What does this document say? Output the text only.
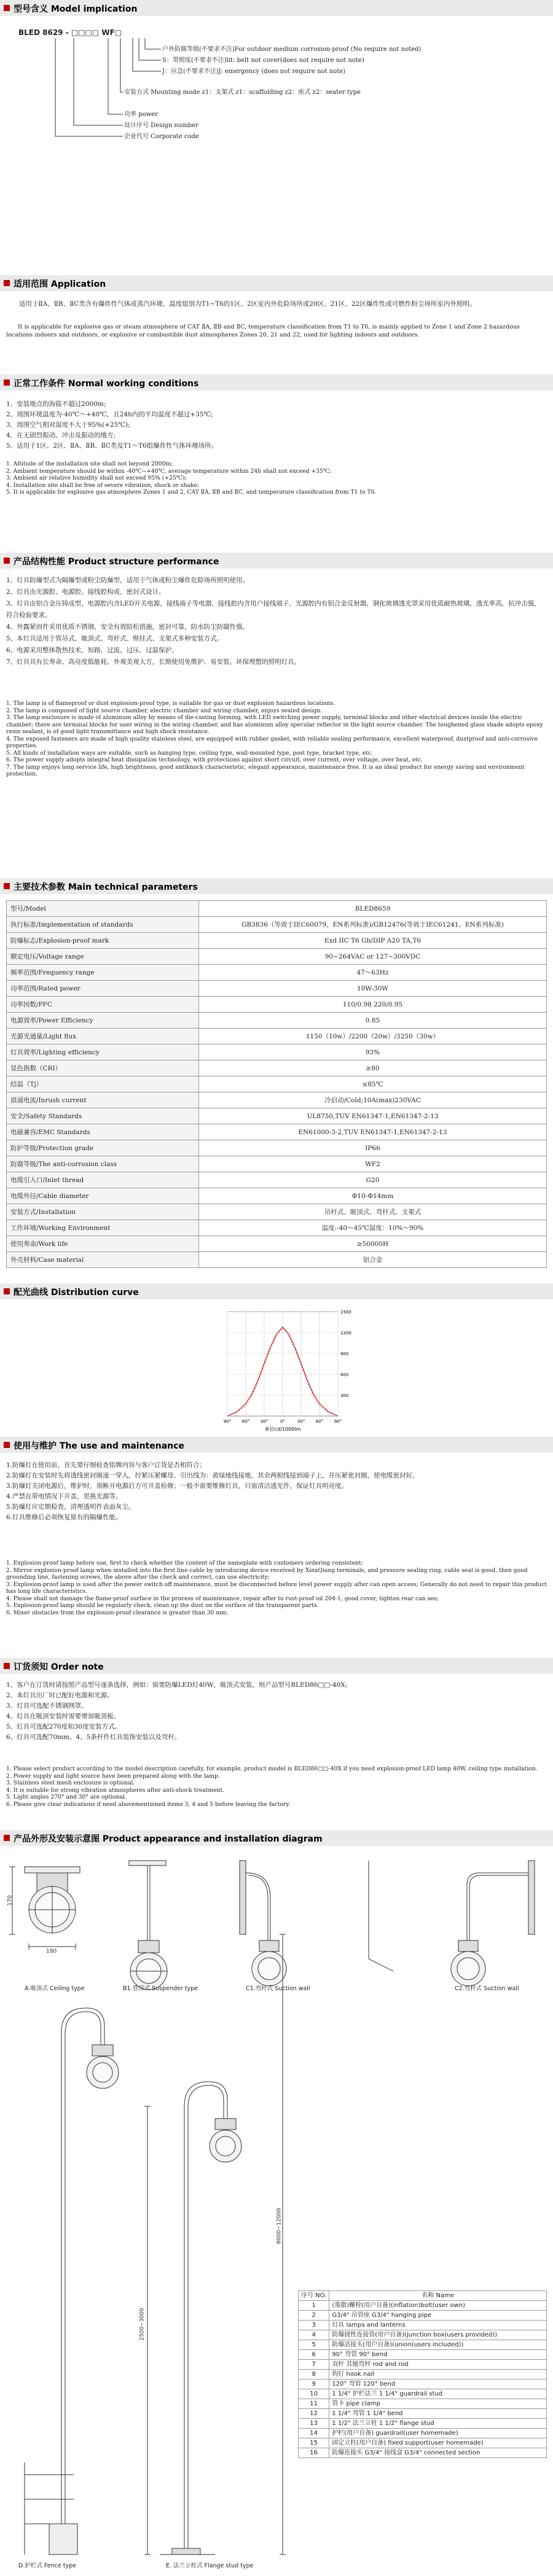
型号含义 Model implication
BLED 8629 - □□□□ WF□
户外防腐等级(不要求不注)For outdoor medium corrosion-proof (No require not noted)
S：带照度(不要求不注)lit: belt not cover(does not require not note)
J：应急(不要求不注)J: emergency (does not require not note)
安装方式 Mounting mode z1：支架式 z1：scaffolding z2：座式 z2：seater type
功率 power
设计序号 Design number
企业代号 Corporate code
适用范围 Application
适用于ⅡA、ⅡB、ⅡC类含有爆炸性气体或蒸汽环境，温度组别为T1~T6的1区、2区室内外危险场所或20区、21区、22区爆炸性或可燃性粉尘场所室内外照明。
It is applicable for explosive gas or steam atmosphere of CAT ⅡA, ⅡB and ⅡC, temperature classification from T1 to T6, is mainly applied to Zone 1 and Zone 2 hazardous locations indoors and outdoors, or explosive or combustible dust atmospheres Zones 20, 21 and 22, used for lighting indoors and outdoors.
正常工作条件 Normal working conditions
1、安装地点的海拔不超过2000m;
2、周围环境温度为-40℃～+40℃，且24h内的平均温度不超过+35℃;
3、周围空气相对湿度不大于95%(+25℃);
4、在无剧烈振动、冲击及振动的地方;
5、适用于1区、2区、ⅡA、ⅡB、ⅡC类及T1～T6组爆炸性气体环境场所;
1. Altitude of the installation site shall not beyond 2000m;
2. Ambient temperature should be within -40℃~+40℃, average temperature within 24h shall not exceed +35℃;
3. Ambient air relative humidity shall not exceed 95% (+25℃);
4. Installation site shall be free of severe vibration, shock or shake;
5. It is applicable for explosive gas atmosphere Zones 1 and 2, CAT ⅡA, ⅡB and ⅡC, and temperature classification from T1 to T6.
产品结构性能 Product structure performance
1、灯具防爆型式为隔爆型或粉尘防爆型，适用于气体或粉尘爆炸危险场所照明使用。
2、灯具由光源腔、电源腔、接线腔构成，密封式设计。
3、灯具由铝合金压铸成型，电源腔内含LED开关电源，接线端子等电器，接线腔内含用户接线端子，光源腔内有铝合金反射器，钢化玻璃透光罩采用优质耐热玻璃，透光率高，抗冲击强，符合检验要求。
4、外露紧固件采用优质不锈钢，安全有效防松措施，密封可靠，防水防尘防腐性强。
5、本灯具适用于管吊式、吸顶式、弯杆式、壁挂式、支架式多种安装方式。
6、电源采用整体散热技术，短路、过流、过压、过温保护。
7、灯具具有长寿命、高亮度低能耗、外观美观大方，长期使用免维护、易安装、环保理想的照明灯具。
1. The lamp is of flameproof or dust explosion-proof type, is suitable for gas or dust explosion hazardous locations.
2. The lamp is composed of light source chamber, electric chamber and wiring chamber, enjoys sealed design.
3. The lamp enclosure is made of aluminum alloy by means of die-casting forming, with LED switching power supply, terminal blocks and other electrical devices inside the electric chamber; there are terminal blocks for user wiring in the wiring chamber, and has aluminum alloy specular reflector in the light source chamber. The toughened glass shade adopts epoxy resin sealant, is of good light transmittance and high shock resistance.
4. The exposed fasteners are made of high quality stainless steel, are equipped with rubber gasket, with reliable sealing performance, excellent waterproof, dustproof and anti-corrosive properties.
5. All kinds of installation ways are suitable, such as hanging type, ceiling type, wall-mounted type, post type, bracket type, etc.
6. The power supply adopts integral heat dissipation technology, with protections against short circuit, over current, over voltage, over heat, etc.
7. The lamp enjoys long service life, high brightness, good antiknock characteristic, elegant appearance, maintenance free. It is an ideal product for energy saving and environment protection.
主要技术参数 Main technical parameters
型号/Model	BLED8659
执行标准/Implementation of standards	GB3836（等效于IEC60079、EN系列标准)/GB12476(等效于IEC61241、EN系列标准)
防爆标志/Explosion-proof mark	Exd IIC T6 Gb/DIP A20 TA,T6
额定电压/Voltage range	90~264VAC or 127~300VDC
频率范围/Frequency range	47～63Hz
功率范围/Rated power	10W-30W
功率因数/PFC	110/0.98 220/0.95
电源效率/Power Efficiency	0.85
光源光通量/Light flux	1150（10w）/2200（20w）/3250（30w）
灯具效率/Lighting efficiency	93%
显色指数（CRI）	≥80
结温（Tj）	≤85℃
浪涌电流/Inrush current	冷启动/Cold;10A(max)230VAC
安全/Safety Standards	UL8750,TUV EN61347-1,EN61347-2-13
电磁兼容/EMC Standards	EN61000-3-2,TUV EN61347-1,EN61347-2-13
防护等级/Protection grade	IP66
防腐等级/The anti-corrosion class	WF2
电缆引入口/Inlet thread	G20
电缆外径/Cable diameter	Φ10-Φ14mm
安装方式/Installation	吊杆式、吸顶式、弯杆式、支架式
工作环境/Working Environment	温度:-40～45℃湿度：10%～90%
使用寿命/Work life	≥50000H
外壳材料/Case material	铝合金
配光曲线 Distribution curve
300
600
900
1200
1500
90°	60°	30°	0°	30°	60°	90°
单位cd/1000lm
使用与维护 The use and maintenance
1.防爆灯在使用前，首先要仔细检查铭牌内容与客户订货是否相符合；
2.防爆灯在安装时先将透线密封圈逐一穿入，拧紧压紧螺母，引出线为：黄绿地线接地，其余两根线接到端子上，并压紧密封圈，使电缆密封好。
3.防爆灯关闭电源后，维护时，须断开电源后方可开盖检修；一般不需要维修灯具，只需清洁透光件，保证灯具明亮度。
4.严禁在带电情况下开盖，更换光源等。
5.防爆灯应定期检查，清理透明件表面灰尘。
6.灯具维修后必须恢复原有的隔爆性能。
1. Explosion-proof lamp before use, first to check whether the content of the nameplate with customers ordering consistent;
2. Mirror explosion-proof lamp when installed into the first line cable by introducing device received by XinxQiang terminals, and pressure sealing ring, cable seal is good, then good grounding line, fastening screws, the above after the check and correct, can use electricity;
3. Explosion-proof lamp is used after the power switch off maintenance, must be disconnected before level power supply after can open access; Generally do not need to repair this product has long life characteristics.
4. Please shall not damage the flame-proof surface in the process of maintenance, repair after to rust-proof oil 204-1, good cover, tighten rear can see;
5. Explosion-proof lamp should be regularly check, clean up the dust on the surface of the transparent parts.
6. Mixer obstacles from the explosion-proof clearance is greater than 30 mm.
订货须知 Order note
1、客户在订货时请按照产品型号逐条选择，例如：需要防爆LED灯40W，吸顶式安装，则产品型号BLED86□□-40X;
2、本灯具出厂时已配好电源和光源。
3、灯具可选配不锈钢网罩。
4、灯具在吸顶安装时需要增加吸顶板。
5、灯具可选配270度和30度安装方式。
6、灯具可选配70mm、4、5条杆件灯具装饰安装以及弯杆。
1. Please select product according to the model description carefully, for example, product model is BLED86□□-40X if you need explosion-proof LED lamp 40W, ceiling type installation.
2. Power supply and light source have been prepared along with the lamp.
3. Stainless steel mesh enclosure is optional.
4. It is suitable for strong vibration atmospheres after anti-shock treatment.
5. Light angles 270° and 30° are optional.
6. Please give clear indications if need abovementioned items 3, 4 and 5 before leaving the factory.
产品外形及安装示意图 Product appearance and installation diagram
170
180
2500~3000
8000~12000
A.吸顶式 Ceiling type	B1.管吊式 Suspender type	C1.弯杆式 Suction wall	C2.弯杆式 Suction wall
D.护栏式 Fence type	E. 法兰立柱式 Flange stud type
序号 NO.	名称 Name
1	(墨脂)螺栓(用户自备)(inflation)bolt(user own)
2	G3/4" 吊管座 G3/4" hanging pipe
3	灯具 lamps and lanterns
4	防爆挠性连接管(用户自备)(junction box(users provided))
5	防爆活接头(用户自备)(union(users included))
6	90° 弯管 90° bend
7	双杆 其她弯杆 rod and rod
8	钩钉 hook nail
9	120° 弯管 120° bend
10	1 1/4" 护栏法兰 1 1/4" guardrail stud
11	管卡 pipe clamp
12	1 1/4" 弯管 1 1/4" bend
13	1 1/2" 法兰立柱 1 1/2" flange stud
14	护栏(用户自备) guardrail(user homemade)
15	固定立柱(用户自备) fixed support(user homemade)
16	防爆连接头 G3/4" 接线盒 G3/4" connected section
